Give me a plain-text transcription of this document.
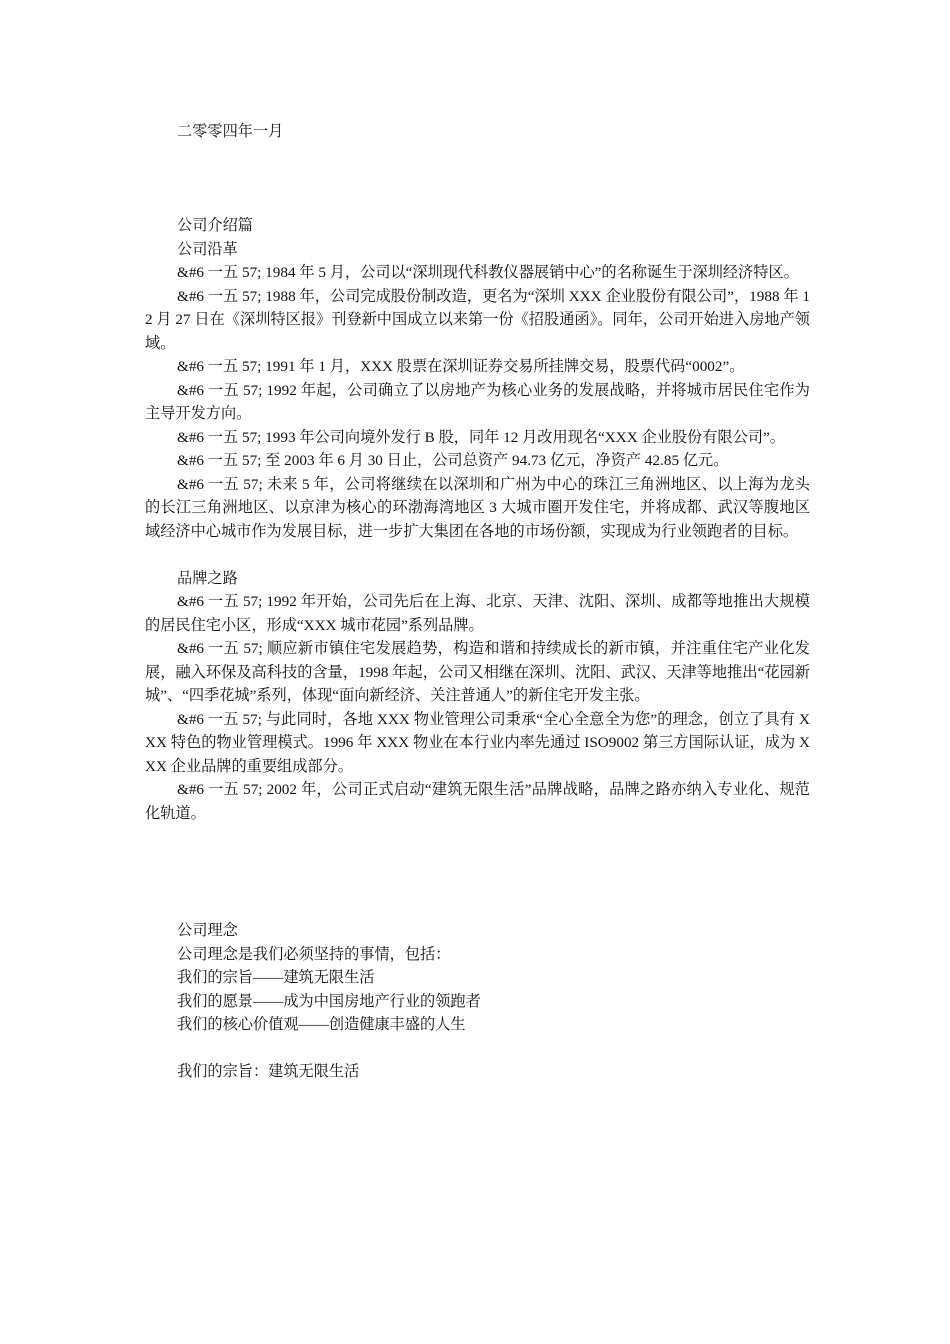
二零零四年一月

公司介绍篇

公司沿革

&#6 一五 57; 1984 年 5 月，公司以“深圳现代科教仪器展销中心”的名称诞生于深圳经济特区。

&#6 一五 57; 1988 年，公司完成股份制改造，更名为“深圳 XXX 企业股份有限公司”，1988 年 12 月 27 日在《深圳特区报》刊登新中国成立以来第一份《招股通函》。同年，公司开始进入房地产领域。

&#6 一五 57; 1991 年 1 月，XXX 股票在深圳证券交易所挂牌交易，股票代码“0002”。

&#6 一五 57; 1992 年起，公司确立了以房地产为核心业务的发展战略，并将城市居民住宅作为主导开发方向。

&#6 一五 57; 1993 年公司向境外发行 B 股，同年 12 月改用现名“XXX 企业股份有限公司”。

&#6 一五 57; 至 2003 年 6 月 30 日止，公司总资产 94.73 亿元，净资产 42.85 亿元。

&#6 一五 57; 未来 5 年，公司将继续在以深圳和广州为中心的珠江三角洲地区、以上海为龙头的长江三角洲地区、以京津为核心的环渤海湾地区 3 大城市圈开发住宅，并将成都、武汉等腹地区域经济中心城市作为发展目标，进一步扩大集团在各地的市场份额，实现成为行业领跑者的目标。

品牌之路

&#6 一五 57; 1992 年开始，公司先后在上海、北京、天津、沈阳、深圳、成都等地推出大规模的居民住宅小区，形成“XXX 城市花园”系列品牌。

&#6 一五 57; 顺应新市镇住宅发展趋势，构造和谐和持续成长的新市镇，并注重住宅产业化发展，融入环保及高科技的含量，1998 年起，公司又相继在深圳、沈阳、武汉、天津等地推出“花园新城”、“四季花城”系列，体现“面向新经济、关注普通人”的新住宅开发主张。

&#6 一五 57; 与此同时，各地 XXX 物业管理公司秉承“全心全意全为您”的理念，创立了具有 XXX 特色的物业管理模式。1996 年 XXX 物业在本行业内率先通过 ISO9002 第三方国际认证，成为 XXX 企业品牌的重要组成部分。

&#6 一五 57; 2002 年，公司正式启动“建筑无限生活”品牌战略，品牌之路亦纳入专业化、规范化轨道。

公司理念

公司理念是我们必须坚持的事情，包括：

我们的宗旨——建筑无限生活

我们的愿景——成为中国房地产行业的领跑者

我们的核心价值观——创造健康丰盛的人生

我们的宗旨：建筑无限生活
